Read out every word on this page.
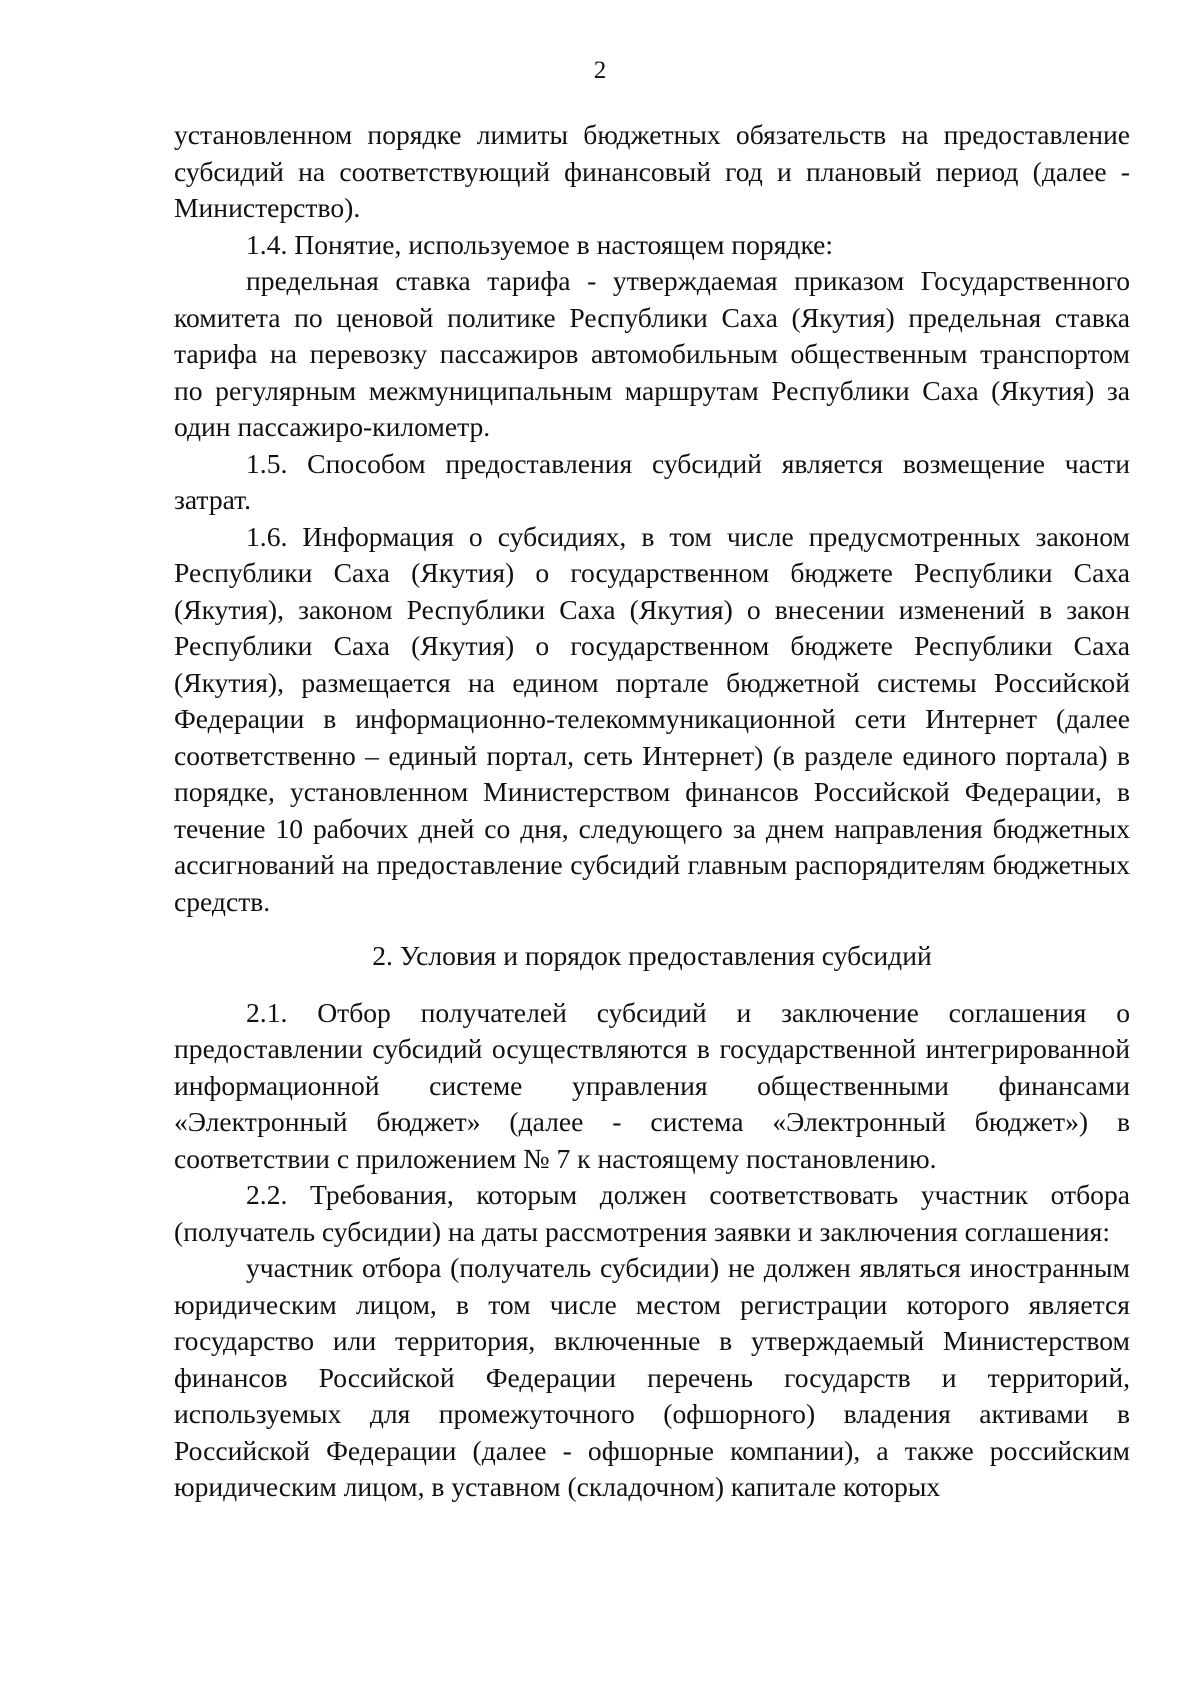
2

установленном порядке лимиты бюджетных обязательств на предоставление субсидий на соответствующий финансовый год и плановый период (далее - Министерство).

1.4. Понятие, используемое в настоящем порядке:

предельная ставка тарифа - утверждаемая приказом Государственного комитета по ценовой политике Республики Саха (Якутия) предельная ставка тарифа на перевозку пассажиров автомобильным общественным транспортом по регулярным межмуниципальным маршрутам Республики Саха (Якутия) за один пассажиро-километр.

1.5. Способом предоставления субсидий является возмещение части затрат.

1.6. Информация о субсидиях, в том числе предусмотренных законом Республики Саха (Якутия) о государственном бюджете Республики Саха (Якутия), законом Республики Саха (Якутия) о внесении изменений в закон Республики Саха (Якутия) о государственном бюджете Республики Саха (Якутия), размещается на едином портале бюджетной системы Российской Федерации в информационно-телекоммуникационной сети Интернет (далее соответственно – единый портал, сеть Интернет) (в разделе единого портала) в порядке, установленном Министерством финансов Российской Федерации, в течение 10 рабочих дней со дня, следующего за днем направления бюджетных ассигнований на предоставление субсидий главным распорядителям бюджетных средств.

2. Условия и порядок предоставления субсидий

2.1. Отбор получателей субсидий и заключение соглашения о предоставлении субсидий осуществляются в государственной интегрированной информационной системе управления общественными финансами «Электронный бюджет» (далее - система «Электронный бюджет») в соответствии с приложением № 7 к настоящему постановлению.

2.2. Требования, которым должен соответствовать участник отбора (получатель субсидии) на даты рассмотрения заявки и заключения соглашения:

участник отбора (получатель субсидии) не должен являться иностранным юридическим лицом, в том числе местом регистрации которого является государство или территория, включенные в утверждаемый Министерством финансов Российской Федерации перечень государств и территорий, используемых для промежуточного (офшорного) владения активами в Российской Федерации (далее - офшорные компании), а также российским юридическим лицом, в уставном (складочном) капитале которых
